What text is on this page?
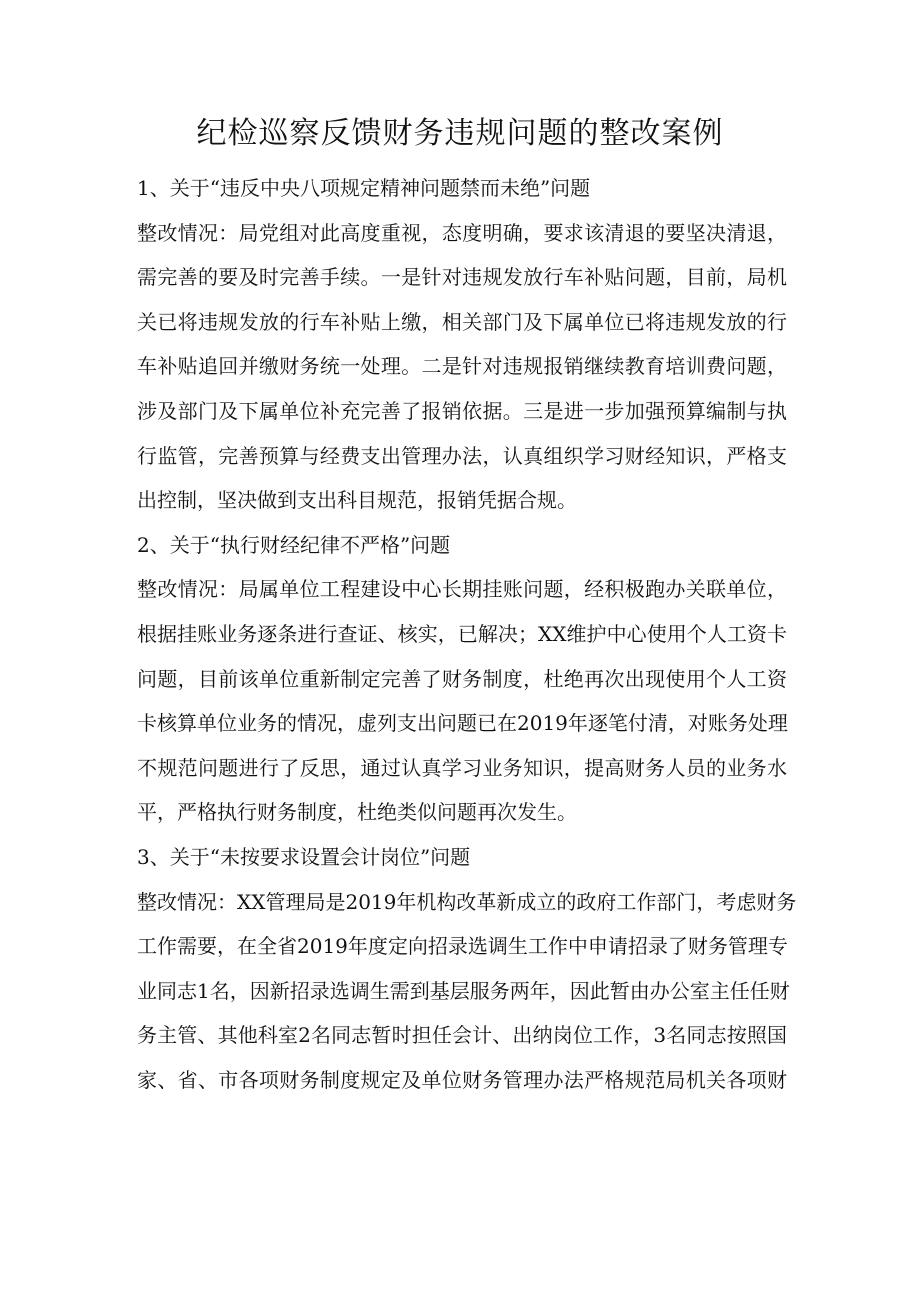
纪检巡察反馈财务违规问题的整改案例
1、关于“违反中央八项规定精神问题禁而未绝”问题
整改情况：局党组对此高度重视，态度明确，要求该清退的要坚决清退，
需完善的要及时完善手续。一是针对违规发放行车补贴问题，目前，局机
关已将违规发放的行车补贴上缴，相关部门及下属单位已将违规发放的行
车补贴追回并缴财务统一处理。二是针对违规报销继续教育培训费问题，
涉及部门及下属单位补充完善了报销依据。三是进一步加强预算编制与执
行监管，完善预算与经费支出管理办法，认真组织学习财经知识，严格支
出控制，坚决做到支出科目规范，报销凭据合规。
2、关于“执行财经纪律不严格”问题
整改情况：局属单位工程建设中心长期挂账问题，经积极跑办关联单位，
根据挂账业务逐条进行查证、核实，已解决；XX维护中心使用个人工资卡
问题，目前该单位重新制定完善了财务制度，杜绝再次出现使用个人工资
卡核算单位业务的情况，虚列支出问题已在2019年逐笔付清，对账务处理
不规范问题进行了反思，通过认真学习业务知识，提高财务人员的业务水
平，严格执行财务制度，杜绝类似问题再次发生。
3、关于“未按要求设置会计岗位”问题
整改情况：XX管理局是2019年机构改革新成立的政府工作部门，考虑财务
工作需要，在全省2019年度定向招录选调生工作中申请招录了财务管理专
业同志1名，因新招录选调生需到基层服务两年，因此暂由办公室主任任财
务主管、其他科室2名同志暂时担任会计、出纳岗位工作，3名同志按照国
家、省、市各项财务制度规定及单位财务管理办法严格规范局机关各项财
